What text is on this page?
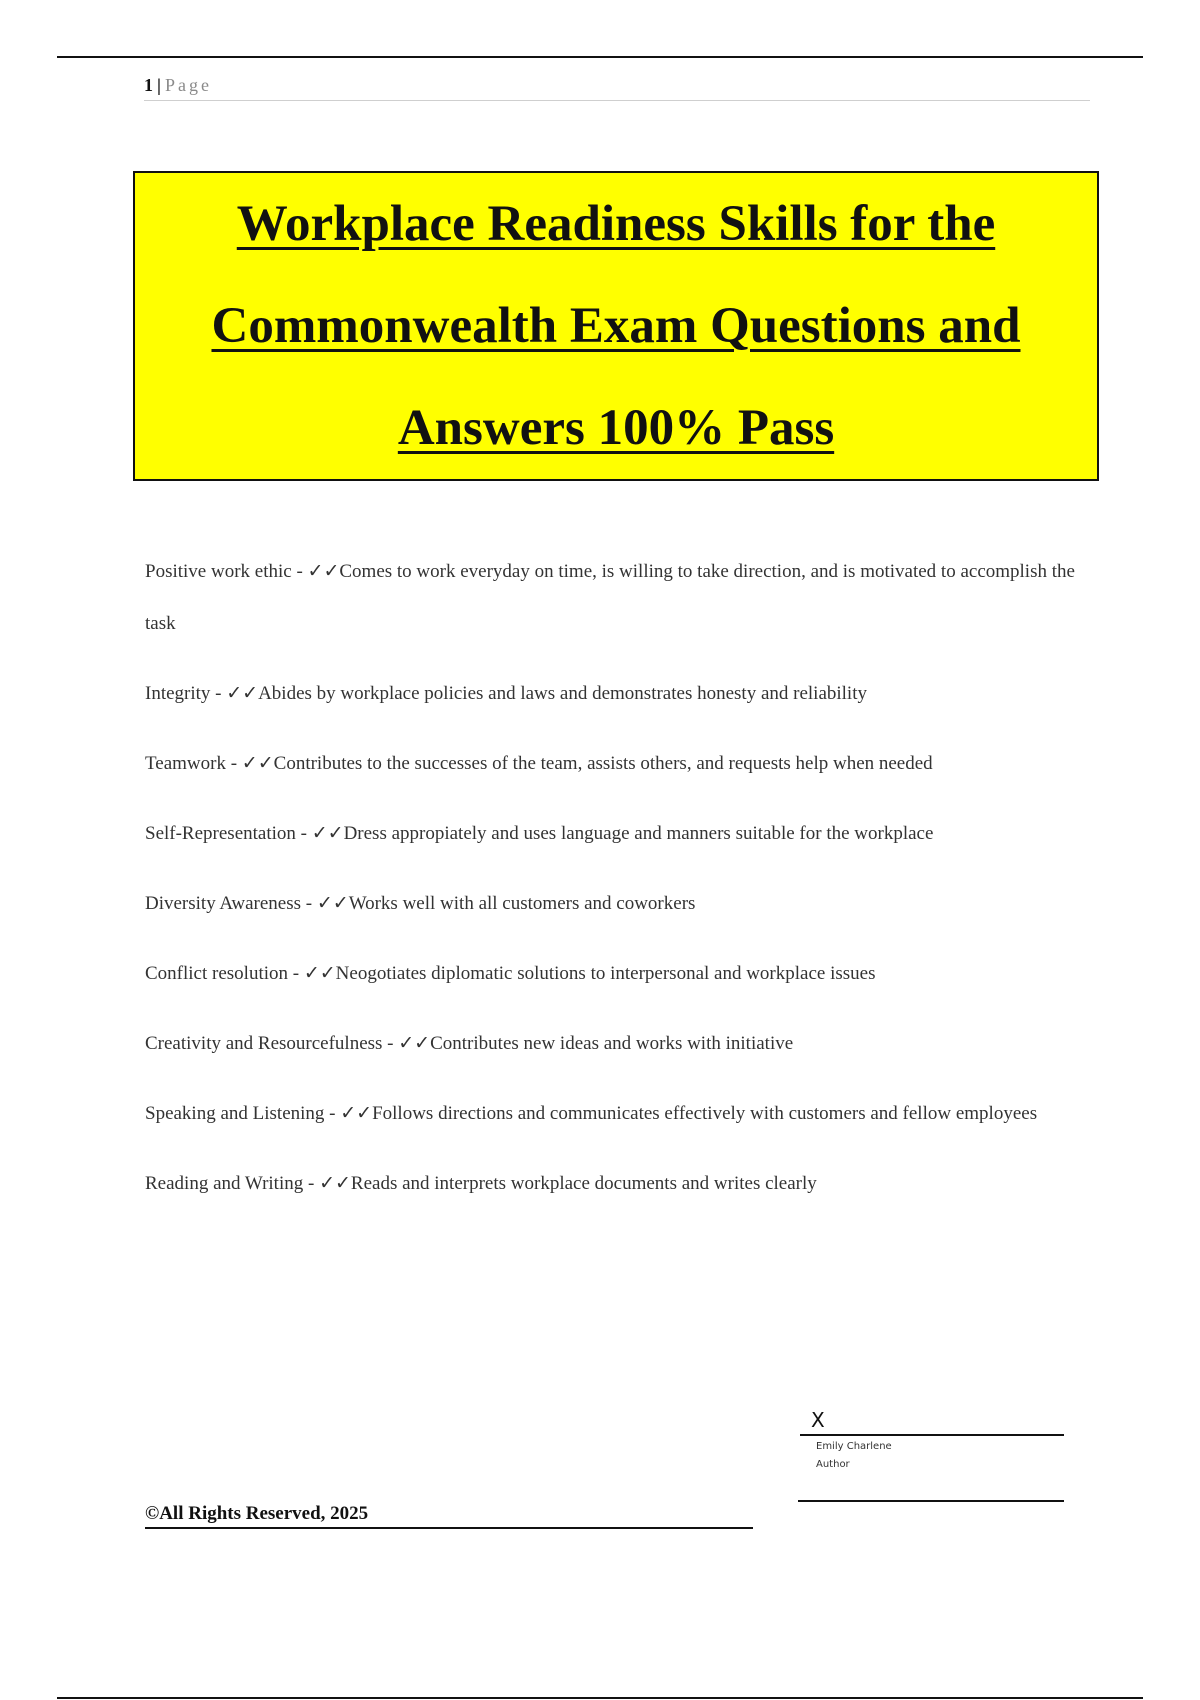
1 | Page
Workplace Readiness Skills for the Commonwealth Exam Questions and Answers 100% Pass

Positive work ethic - ✓✓Comes to work everyday on time, is willing to take direction, and is motivated to accomplish the task

Integrity - ✓✓Abides by workplace policies and laws and demonstrates honesty and reliability

Teamwork - ✓✓Contributes to the successes of the team, assists others, and requests help when needed

Self-Representation - ✓✓Dress appropiately and uses language and manners suitable for the workplace

Diversity Awareness - ✓✓Works well with all customers and coworkers

Conflict resolution - ✓✓Neogotiates diplomatic solutions to interpersonal and workplace issues

Creativity and Resourcefulness - ✓✓Contributes new ideas and works with initiative

Speaking and Listening - ✓✓Follows directions and communicates effectively with customers and fellow employees

Reading and Writing - ✓✓Reads and interprets workplace documents and writes clearly

X
Emily Charlene
Author
©All Rights Reserved, 2025
